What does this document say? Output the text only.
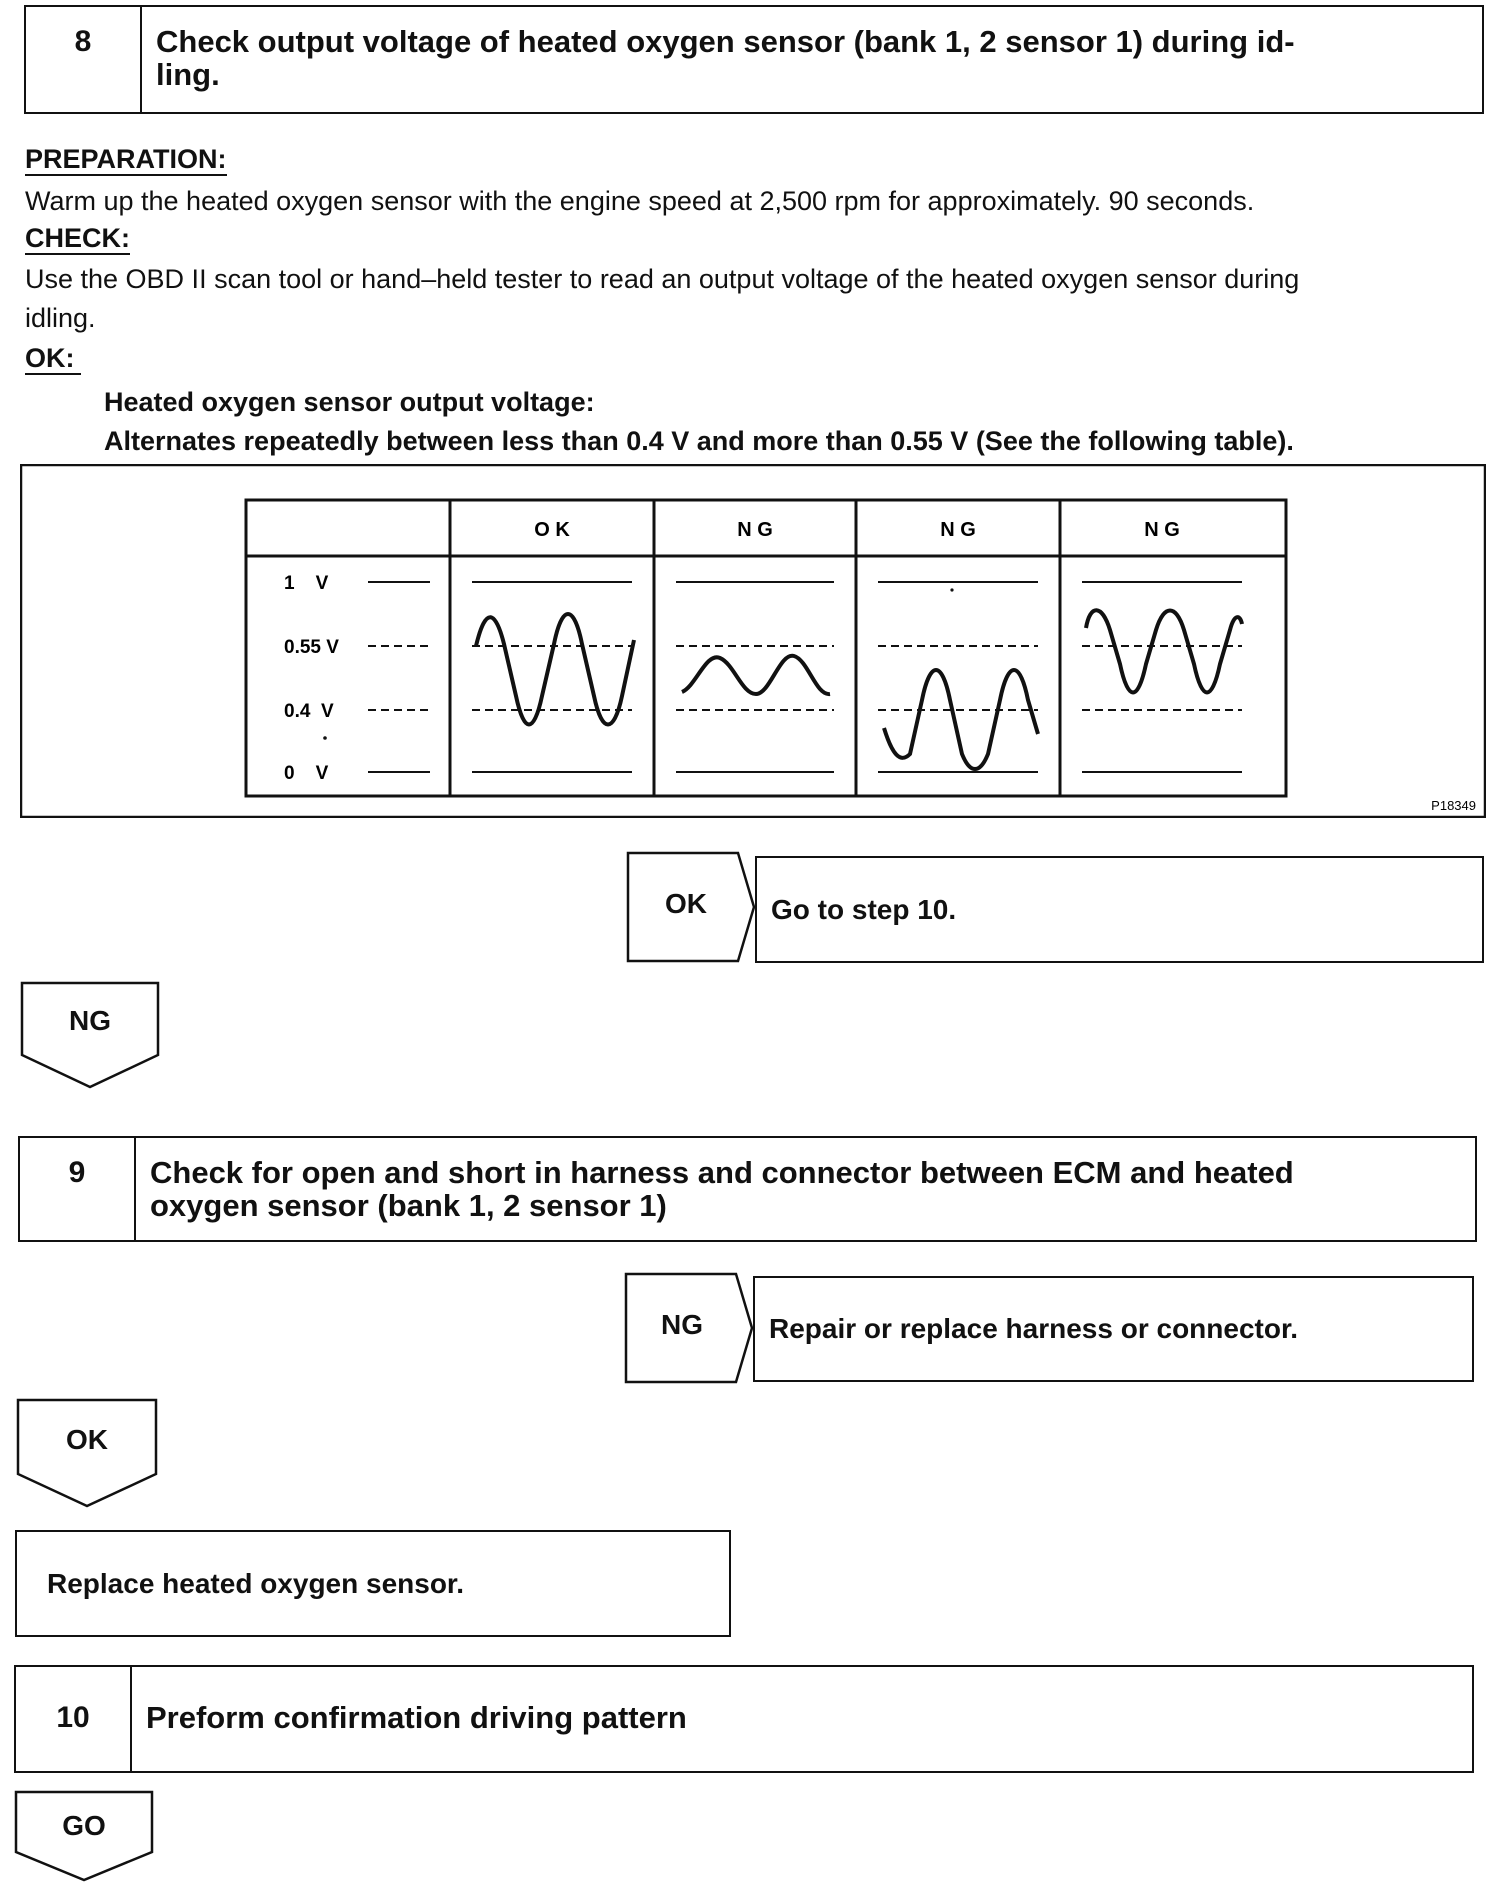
8	Check output voltage of heated oxygen sensor (bank 1, 2 sensor 1) during id-
ling.
PREPARATION:
Warm up the heated oxygen sensor with the engine speed at 2,500 rpm for approximately. 90 seconds.
CHECK:
Use the OBD II scan tool or hand–held tester to read an output voltage of the heated oxygen sensor during
idling.
OK:
Heated oxygen sensor output voltage:
Alternates repeatedly between less than 0.4 V and more than 0.55 V (See the following table).
O K	N G	N G	N G
1    V
0.55 V
0.4  V
0    V
P18349
OK	Go to step 10.
NG
9	Check for open and short in harness and connector between ECM and heated
oxygen sensor (bank 1, 2 sensor 1)
NG	Repair or replace harness or connector.
OK
Replace heated oxygen sensor.
10	Preform confirmation driving pattern
GO
